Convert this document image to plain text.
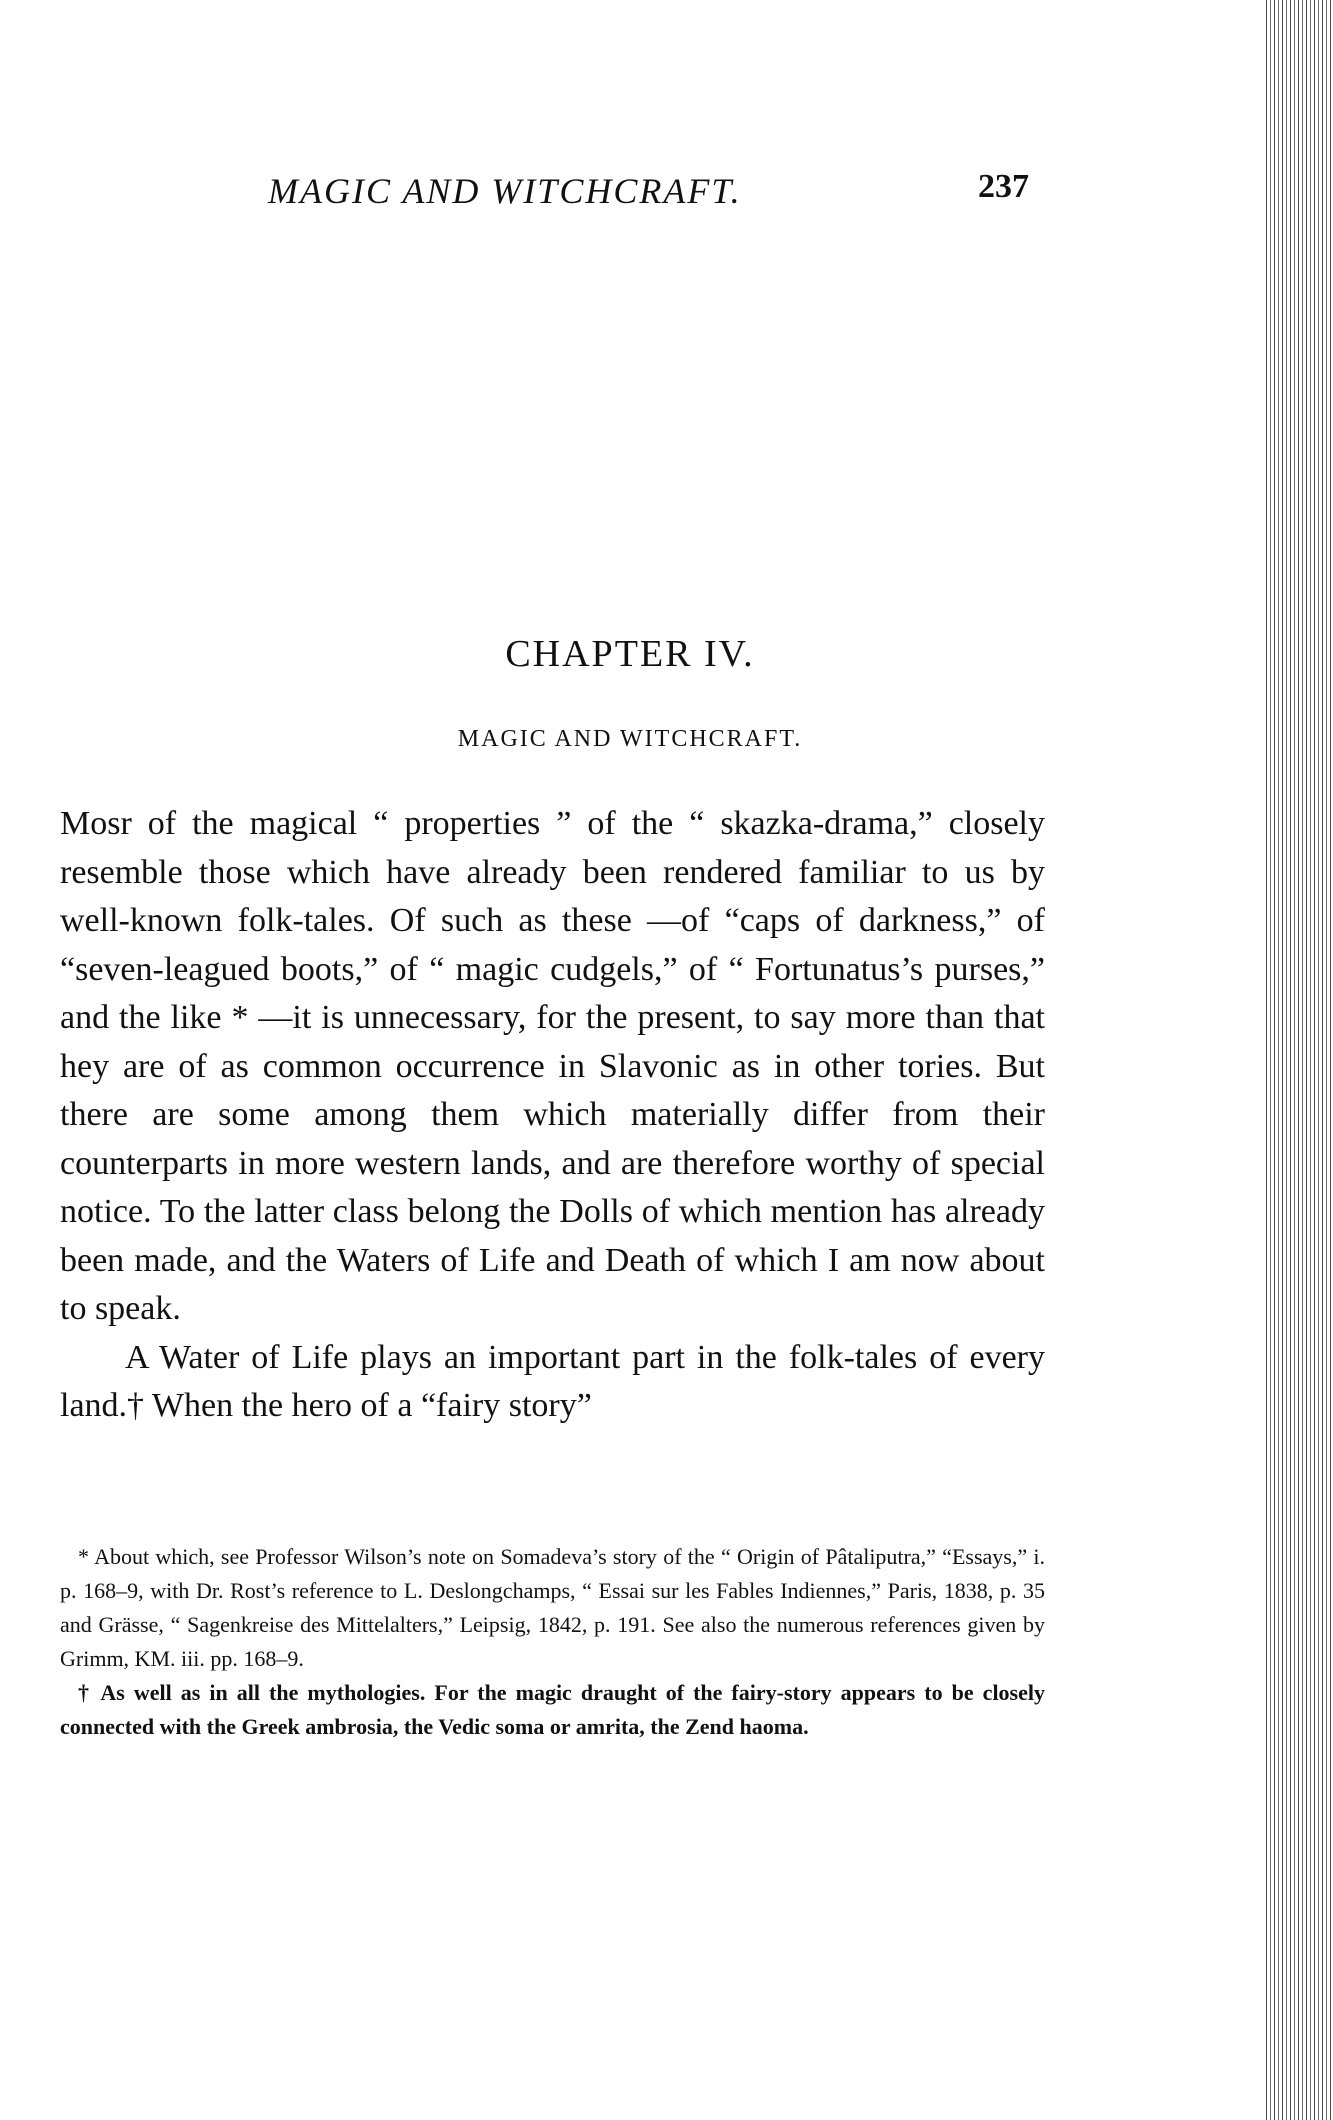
MAGIC AND WITCHCRAFT.	237
CHAPTER IV.
MAGIC AND WITCHCRAFT.

Mosr of the magical “ properties ” of the “ skazka-drama,” closely resemble those which have already been rendered familiar to us by well-known folk-tales. Of such as these —of “caps of darkness,” of “seven-leagued boots,” of “ magic cudgels,” of “ Fortunatus’s purses,” and the like * —it is unnecessary, for the present, to say more than that hey are of as common occurrence in Slavonic as in other tories. But there are some among them which materially differ from their counterparts in more western lands, and are therefore worthy of special notice. To the latter class belong the Dolls of which mention has already been made, and the Waters of Life and Death of which I am now about to speak.

A Water of Life plays an important part in the folk-tales of every land.† When the hero of a “fairy story”

* About which, see Professor Wilson’s note on Somadeva’s story of the “ Origin of Pâtaliputra,” “Essays,” i. p. 168–9, with Dr. Rost’s reference to L. Deslongchamps, “ Essai sur les Fables Indiennes,” Paris, 1838, p. 35 and Grässe, “ Sagenkreise des Mittelalters,” Leipsig, 1842, p. 191. See also the numerous references given by Grimm, KM. iii. pp. 168–9.

† As well as in all the mythologies. For the magic draught of the fairy-story appears to be closely connected with the Greek ambrosia, the Vedic soma or amrita, the Zend haoma.
